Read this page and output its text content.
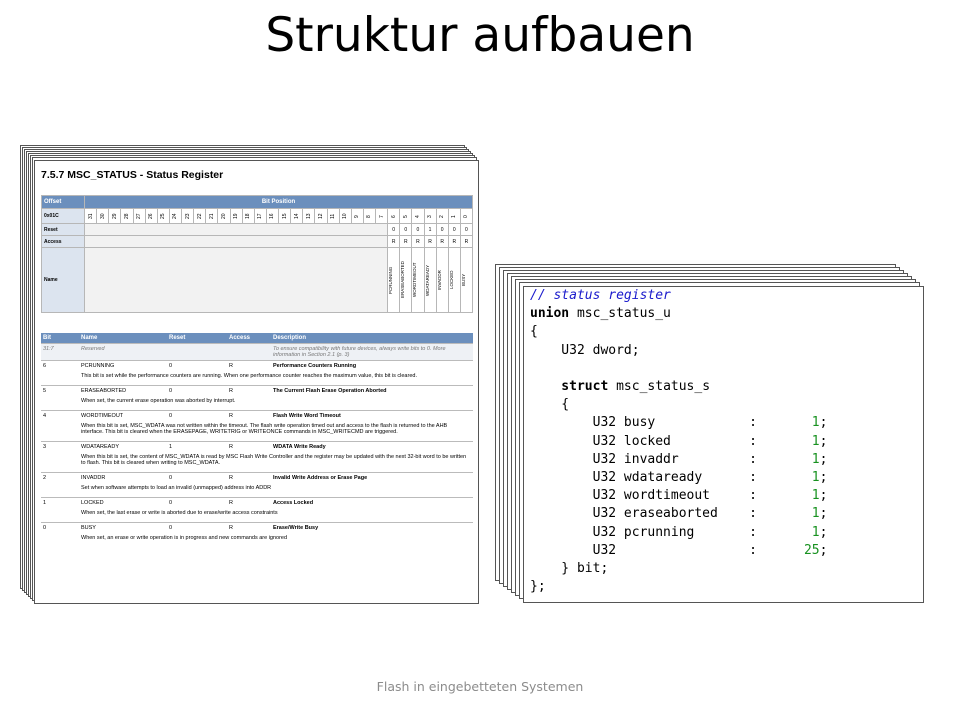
Struktur aufbauen
7.5.7 MSC_STATUS - Status Register
Offset	Bit Position																															
0x01C	31	30	29	28	27	26	25	24	23	22	21	20	19	18	17	16	15	14	13	12	11	10	9	8	7	6	5	4	3	2	1	0
Reset																										0	0	0	1	0	0	0
Access																										R	R	R	R	R	R	R
Name																										PCRUNNING	ERASEABORTED	WORDTIMEOUT	WDATAREADY	INVADDR	LOCKED	BUSY
Bit	Name	Reset	Access	Description
31:7	Reserved			To ensure compatibility with future devices, always write bits to 0. More information in Section 2.1 (p. 3)
6	PCRUNNING	0	R	Performance Counters Running
	This bit is set while the performance counters are running. When one performance counter reaches the maximum value, this bit is cleared.			
5	ERASEABORTED	0	R	The Current Flash Erase Operation Aborted
	When set, the current erase operation was aborted by interrupt.			
4	WORDTIMEOUT	0	R	Flash Write Word Timeout
	When this bit is set, MSC_WDATA was not written within the timeout. The flash write operation timed out and access to the flash is returned to the AHB interface. This bit is cleared when the ERASEPAGE, WRITETRIG or WRITEONCE commands in MSC_WRITECMD are triggered.			
3	WDATAREADY	1	R	WDATA Write Ready
	When this bit is set, the content of MSC_WDATA is read by MSC Flash Write Controller and the register may be updated with the next 32-bit word to be written to flash. This bit is cleared when writing to MSC_WDATA.			
2	INVADDR	0	R	Invalid Write Address or Erase Page
	Set when software attempts to load an invalid (unmapped) address into ADDR			
1	LOCKED	0	R	Access Locked
	When set, the last erase or write is aborted due to erase/write access constraints			
0	BUSY	0	R	Erase/Write Busy
	When set, an erase or write operation is in progress and new commands are ignored			
// status register
union msc_status_u
{
U32 dword;

struct msc_status_s
{
U32 busy            :	1;
U32 locked          :	1;
U32 invaddr         :	1;
U32 wdataready      :	1;
U32 wordtimeout     :	1;
U32 eraseaborted    :	1;
U32 pcrunning       :	1;
U32                 :	25;
} bit;
};
Flash in eingebetteten Systemen
